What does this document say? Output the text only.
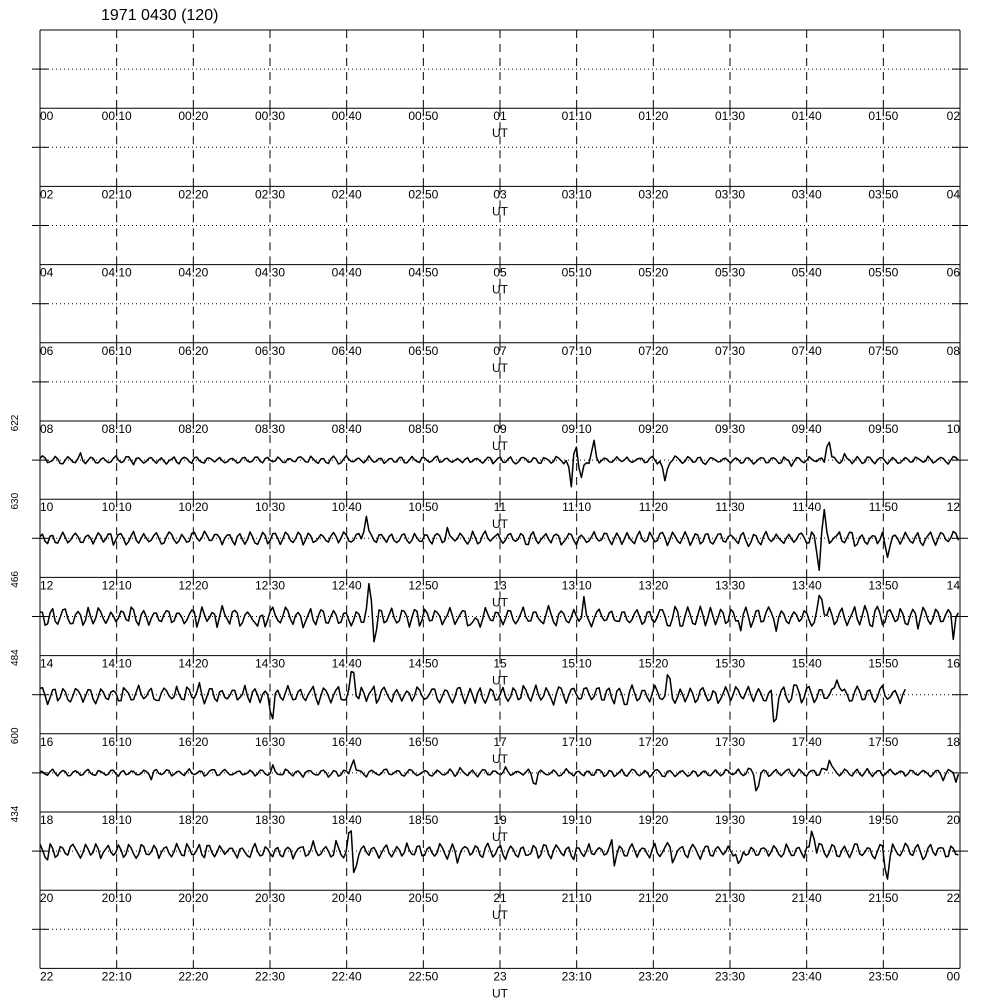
1971 0430 (120)
00	00:10	00:20	00:30	00:40	00:50	01	01:10	01:20	01:30	01:40	01:50	02
UT
02	02:10	02:20	02:30	02:40	02:50	03	03:10	03:20	03:30	03:40	03:50	04
UT
04	04:10	04:20	04:30	04:40	04:50	05	05:10	05:20	05:30	05:40	05:50	06
UT
06	06:10	06:20	06:30	06:40	06:50	07	07:10	07:20	07:30	07:40	07:50	08
UT
08	08:10	08:20	08:30	08:40	08:50	09	09:10	09:20	09:30	09:40	09:50	10
UT
10	10:10	10:20	10:30	10:40	10:50	11	11:10	11:20	11:30	11:40	11:50	12
UT
622
12	12:10	12:20	12:30	12:40	12:50	13	13:10	13:20	13:30	13:40	13:50	14
UT
630
14	14:10	14:20	14:30	14:40	14:50	15	15:10	15:20	15:30	15:40	15:50	16
UT
466
16	16:10	16:20	16:30	16:40	16:50	17	17:10	17:20	17:30	17:40	17:50	18
UT
484
18	18:10	18:20	18:30	18:40	18:50	19	19:10	19:20	19:30	19:40	19:50	20
UT
600
20	20:10	20:20	20:30	20:40	20:50	21	21:10	21:20	21:30	21:40	21:50	22
UT
434
22	22:10	22:20	22:30	22:40	22:50	23	23:10	23:20	23:30	23:40	23:50	00
UT
